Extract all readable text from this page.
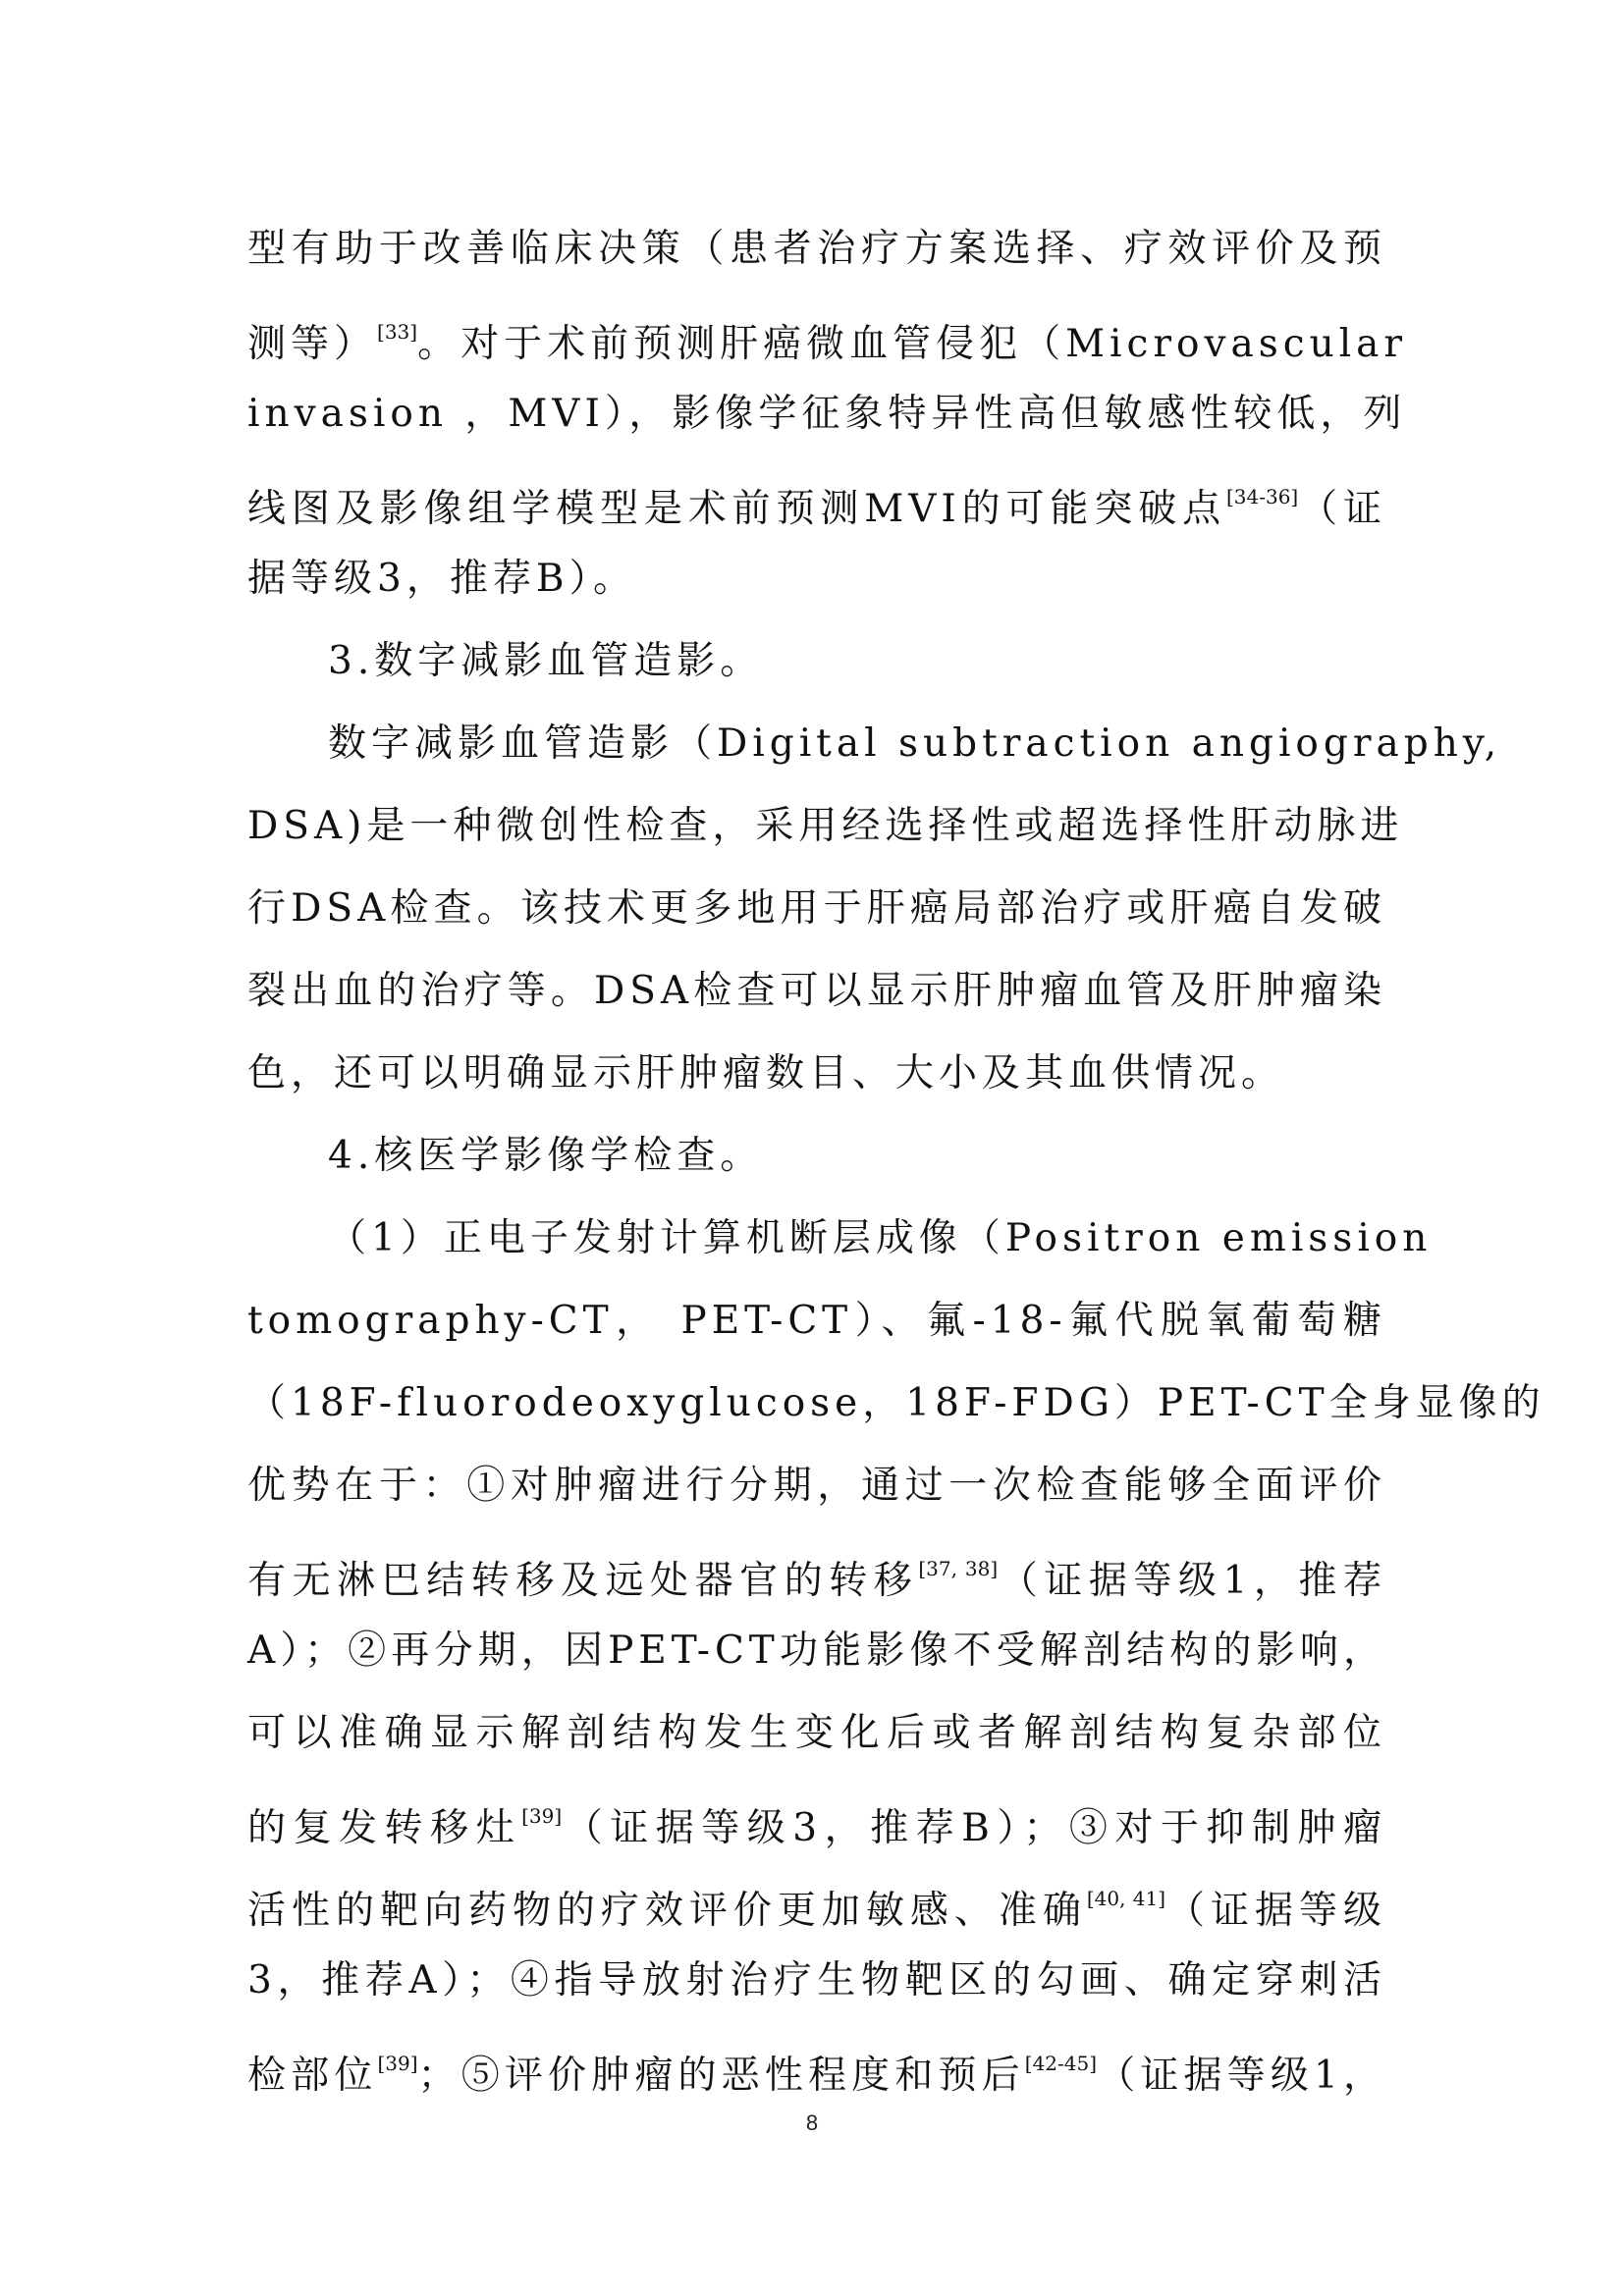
型有助于改善临床决策（患者治疗方案选择、疗效评价及预
测等）[33]。对于术前预测肝癌微血管侵犯（Microvascular
invasion ，MVI），影像学征象特异性高但敏感性较低，列
线图及影像组学模型是术前预测MVI的可能突破点[34-36]（证
据等级3，推荐B）。
3.数字减影血管造影。
数字减影血管造影（Digital subtraction angiography,
DSA)是一种微创性检查，采用经选择性或超选择性肝动脉进
行DSA检查。该技术更多地用于肝癌局部治疗或肝癌自发破
裂出血的治疗等。DSA检查可以显示肝肿瘤血管及肝肿瘤染
色，还可以明确显示肝肿瘤数目、大小及其血供情况。
4.核医学影像学检查。
（1）正电子发射计算机断层成像（Positron emission
tomography-CT， PET-CT）、氟-18-氟代脱氧葡萄糖
（18F-fluorodeoxyglucose，18F-FDG）PET-CT全身显像的
优势在于：①对肿瘤进行分期，通过一次检查能够全面评价
有无淋巴结转移及远处器官的转移[37, 38]（证据等级1，推荐
A）；②再分期，因PET-CT功能影像不受解剖结构的影响，
可以准确显示解剖结构发生变化后或者解剖结构复杂部位
的复发转移灶[39]（证据等级3，推荐B）；③对于抑制肿瘤
活性的靶向药物的疗效评价更加敏感、准确[40, 41]（证据等级
3，推荐A）；④指导放射治疗生物靶区的勾画、确定穿刺活
检部位[39]；⑤评价肿瘤的恶性程度和预后[42-45]（证据等级1，
8
